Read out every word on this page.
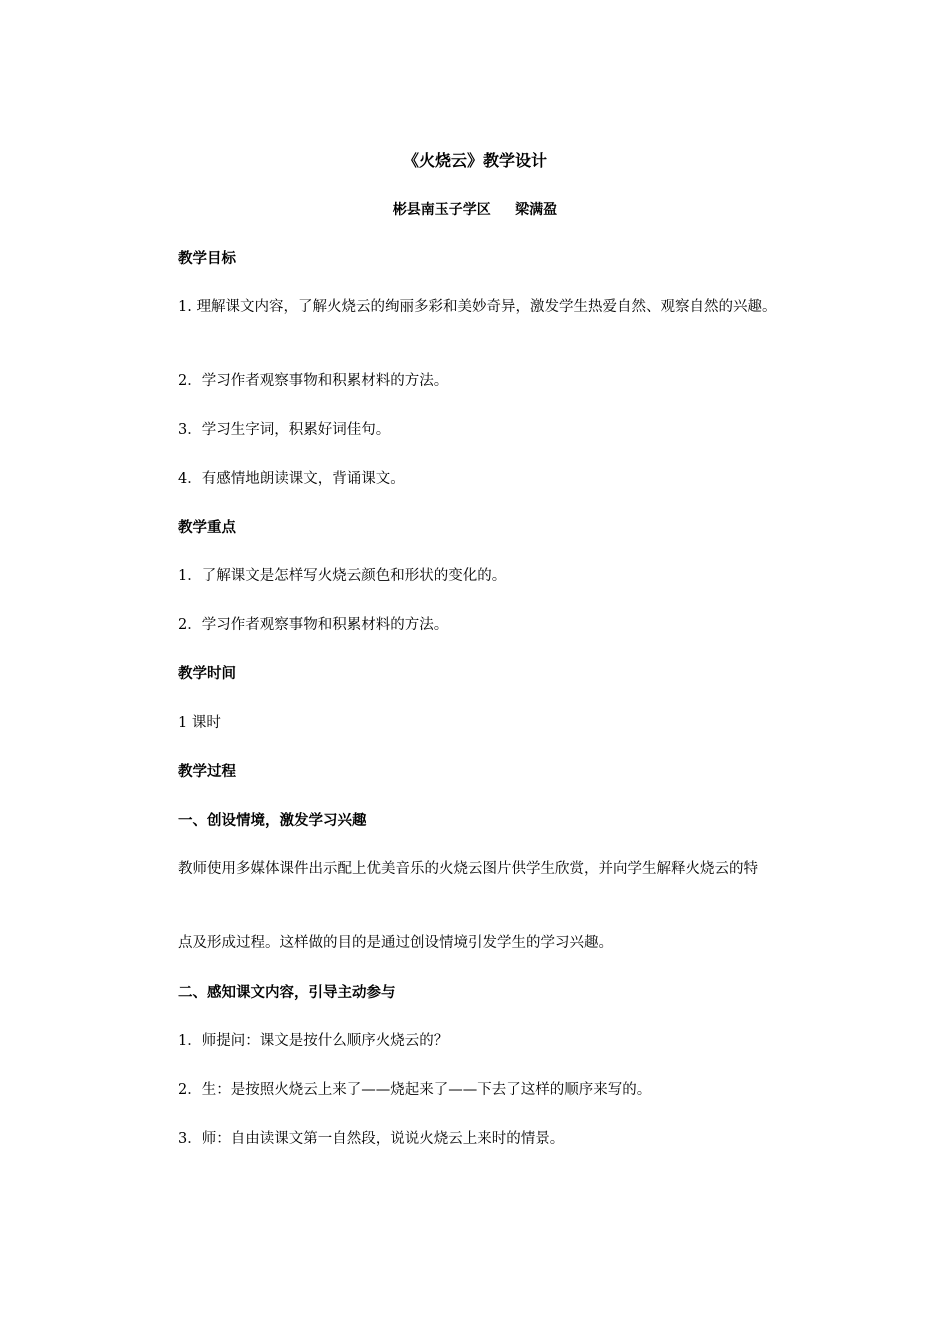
《火烧云》教学设计
彬县南玉子学区     梁满盈
教学目标
1. 理解课文内容，了解火烧云的绚丽多彩和美妙奇异，激发学生热爱自然、观察自然的兴趣。
2．学习作者观察事物和积累材料的方法。
3．学习生字词，积累好词佳句。
4．有感情地朗读课文，背诵课文。
教学重点
1．了解课文是怎样写火烧云颜色和形状的变化的。
2．学习作者观察事物和积累材料的方法。
教学时间
1 课时
教学过程
一、创设情境，激发学习兴趣
教师使用多媒体课件出示配上优美音乐的火烧云图片供学生欣赏，并向学生解释火烧云的特
点及形成过程。这样做的目的是通过创设情境引发学生的学习兴趣。
二、感知课文内容，引导主动参与
1．师提问：课文是按什么顺序火烧云的？
2．生：是按照火烧云上来了——烧起来了——下去了这样的顺序来写的。
3．师：自由读课文第一自然段，说说火烧云上来时的情景。
